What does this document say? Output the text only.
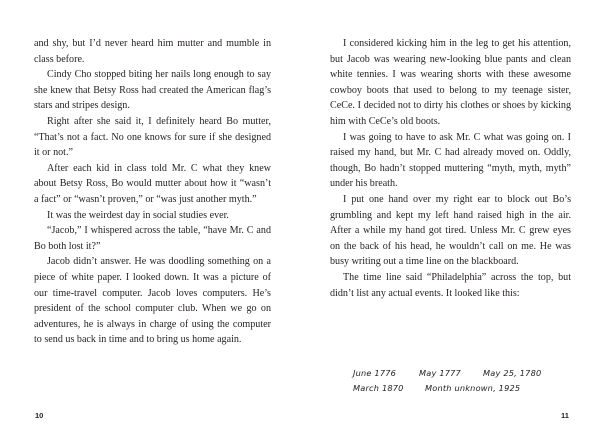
and shy, but I’d never heard him mutter and mumble in class before.

Cindy Cho stopped biting her nails long enough to say she knew that Betsy Ross had created the American flag’s stars and stripes design.

Right after she said it, I definitely heard Bo mutter, “That’s not a fact. No one knows for sure if she designed it or not.”

After each kid in class told Mr. C what they knew about Betsy Ross, Bo would mutter about how it “wasn’t a fact” or “wasn’t proven,” or “was just another myth.”

It was the weirdest day in social studies ever.

“Jacob,” I whispered across the table, “have Mr. C and Bo both lost it?”

Jacob didn’t answer. He was doodling something on a piece of white paper. I looked down. It was a picture of our time-travel computer. Jacob loves computers. He’s president of the school computer club. When we go on adventures, he is always in charge of using the computer to send us back in time and to bring us home again.

I considered kicking him in the leg to get his attention, but Jacob was wearing new-looking blue pants and clean white tennies. I was wearing shorts with these awesome cowboy boots that used to belong to my teenage sister, CeCe. I decided not to dirty his clothes or shoes by kicking him with CeCe’s old boots.

I was going to have to ask Mr. C what was going on. I raised my hand, but Mr. C had already moved on. Oddly, though, Bo hadn’t stopped muttering “myth, myth, myth” under his breath.

I put one hand over my right ear to block out Bo’s grumbling and kept my left hand raised high in the air. After a while my hand got tired. Unless Mr. C grew eyes on the back of his head, he wouldn’t call on me. He was busy writing out a time line on the blackboard.

The time line said “Philadelphia” across the top, but didn’t list any actual events. It looked like this:

June 1776	May 1777	May 25, 1780
March 1870	Month unknown, 1925
10	11
